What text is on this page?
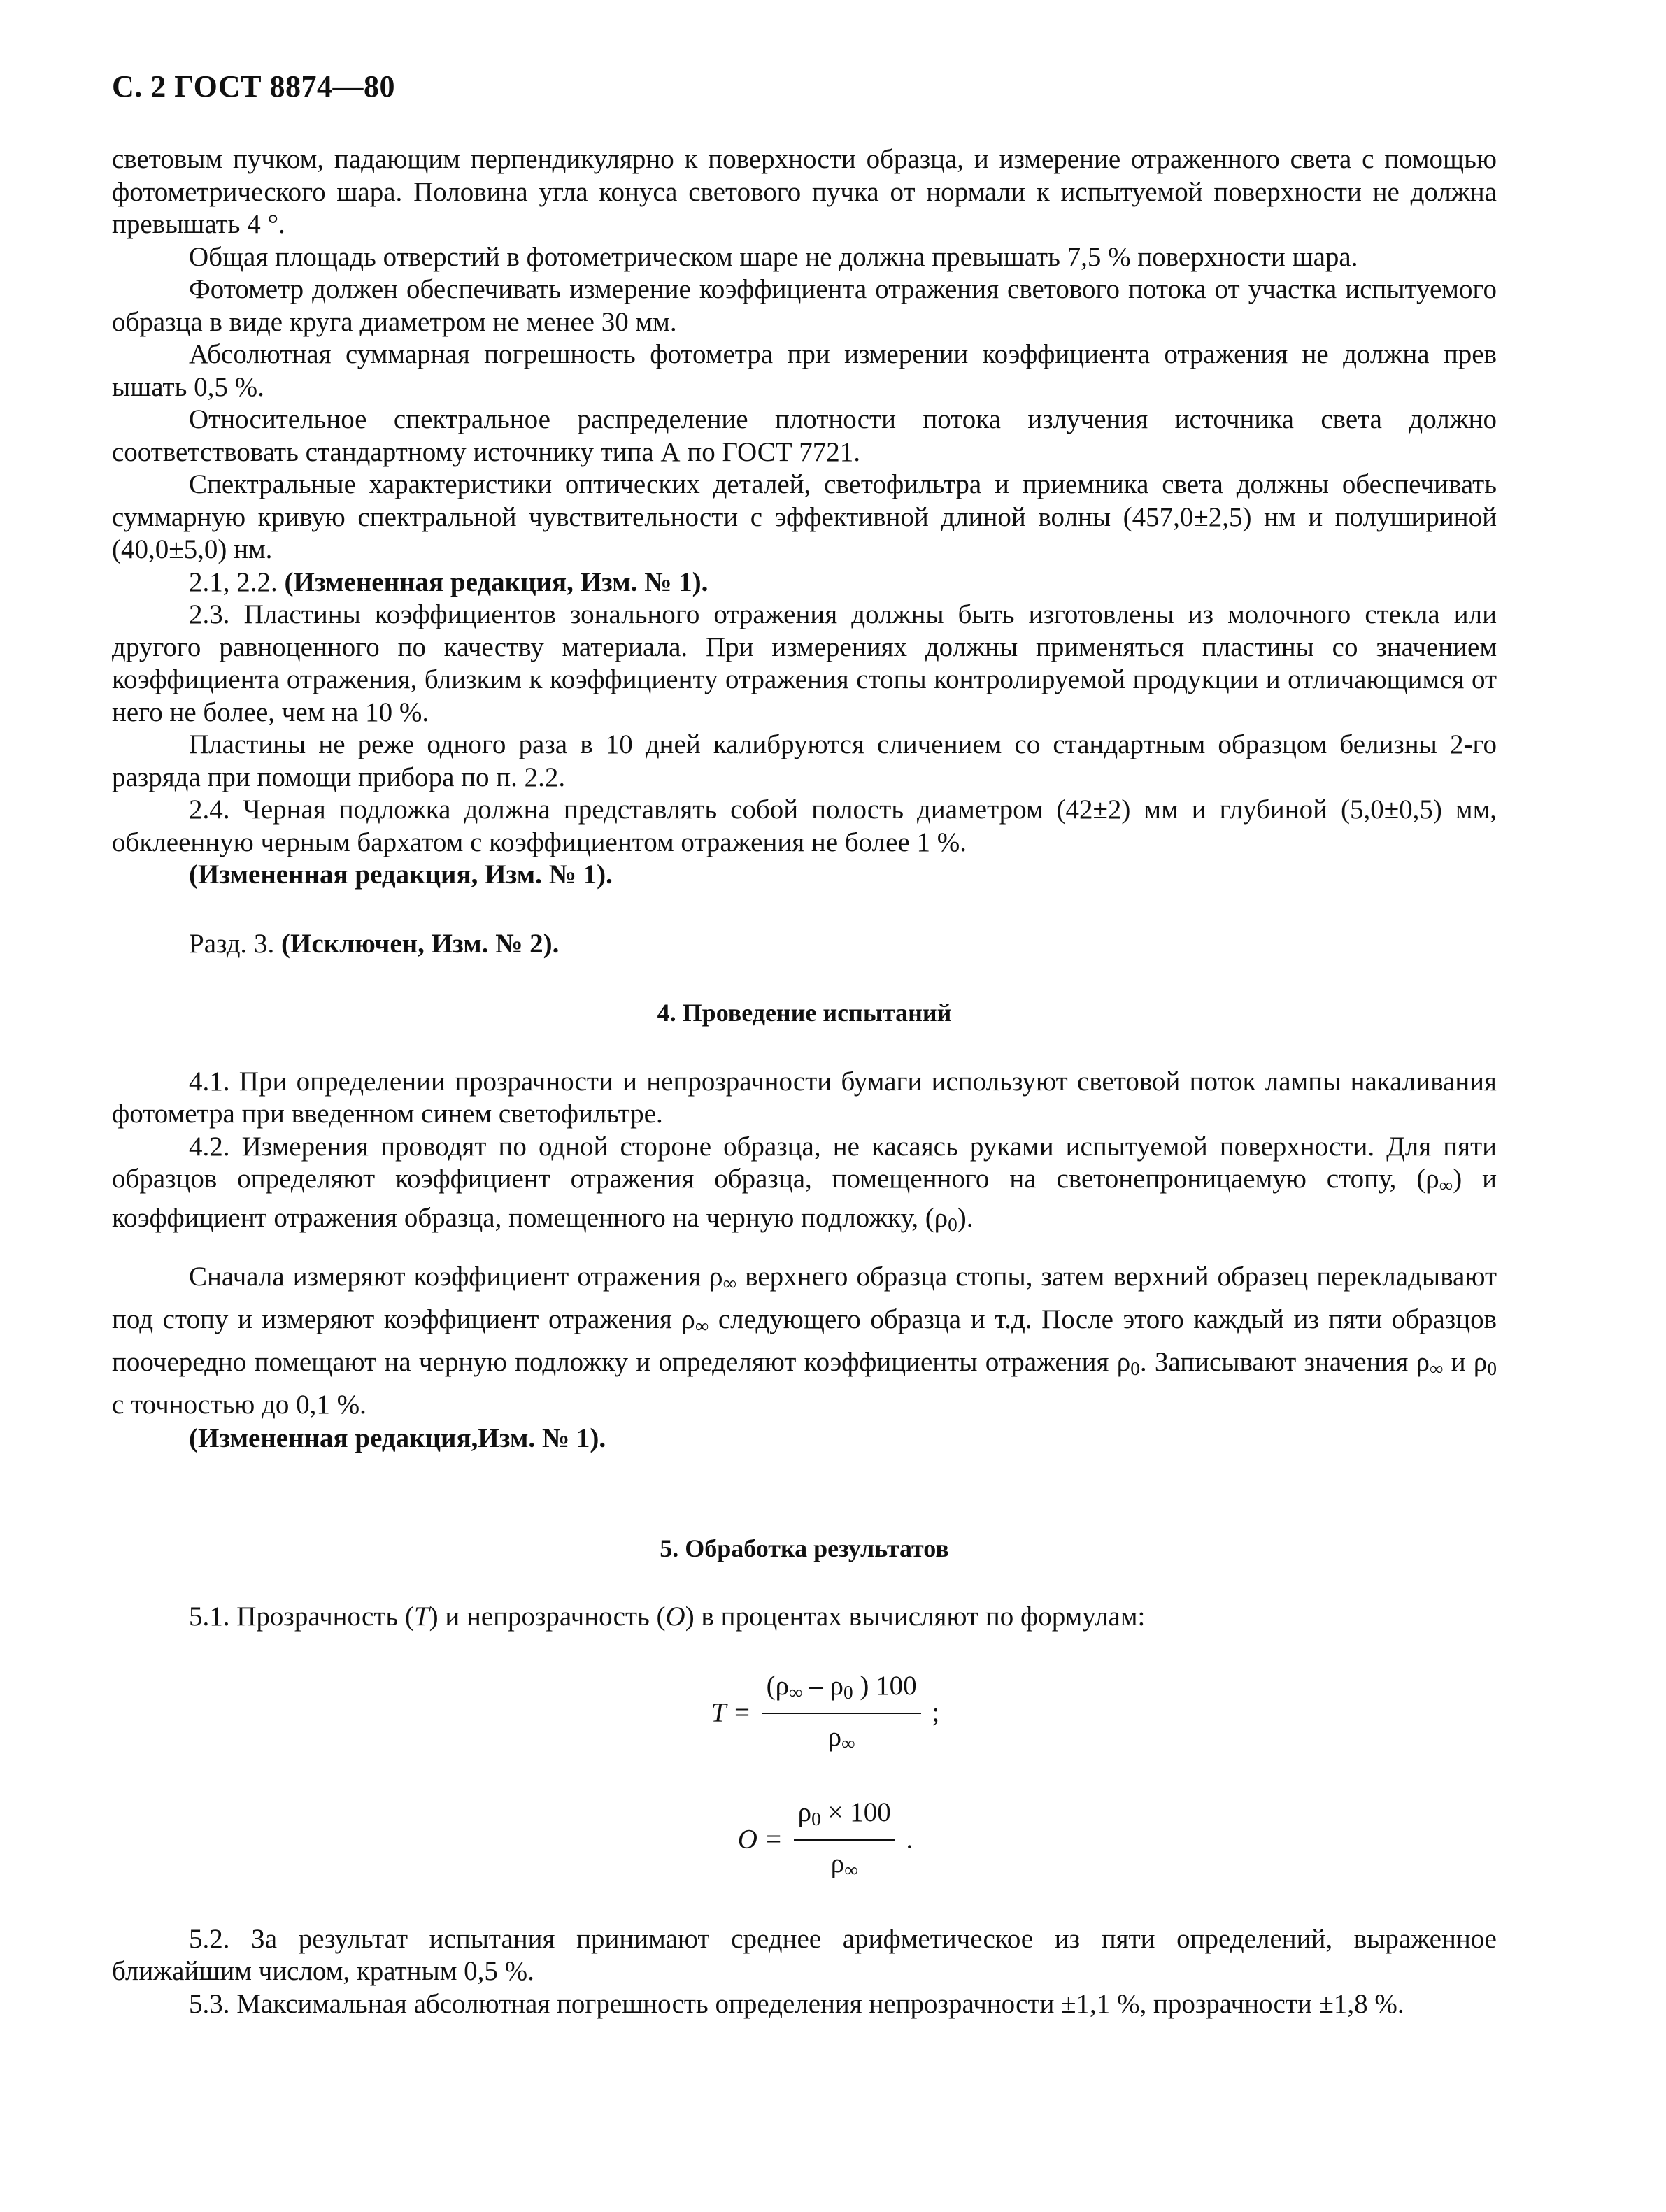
С. 2 ГОСТ 8874—80

световым пучком, падающим перпендикулярно к поверхности образца, и измерение отраженного света с помощью фотометрического шара. Половина угла конуса светового пучка от нормали к испытуемой поверхности не должна превышать 4 °.

Общая площадь отверстий в фотометрическом шаре не должна превышать 7,5 % поверхности шара.

Фотометр должен обеспечивать измерение коэффициента отражения светового потока от участка испытуемого образца в виде круга диаметром не менее 30 мм.

Абсолютная суммарная погрешность фотометра при измерении коэффициента отражения не должна прев ышать 0,5 %.

Относительное спектральное распределение плотности потока излучения источника света должно соответствовать стандартному источнику типа А по ГОСТ 7721.

Спектральные характеристики оптических деталей, светофильтра и приемника света должны обеспечивать суммарную кривую спектральной чувствительности с эффективной длиной волны (457,0±2,5) нм и полушириной (40,0±5,0) нм.

2.1, 2.2. (Измененная редакция, Изм. № 1).

2.3. Пластины коэффициентов зонального отражения должны быть изготовлены из молочного стекла или другого равноценного по качеству материала. При измерениях должны применяться пластины со значением коэффициента отражения, близким к коэффициенту отражения стопы контролируемой продукции и отличающимся от него не более, чем на 10 %.

Пластины не реже одного раза в 10 дней калибруются сличением со стандартным образцом белизны 2-го разряда при помощи прибора по п. 2.2.

2.4. Черная подложка должна представлять собой полость диаметром (42±2) мм и глубиной (5,0±0,5) мм, обклеенную черным бархатом с коэффициентом отражения не более 1 %.

(Измененная редакция, Изм. № 1).

Разд. 3. (Исключен, Изм. № 2).

4. Проведение испытаний

4.1. При определении прозрачности и непрозрачности бумаги используют световой поток лампы накаливания фотометра при введенном синем светофильтре.

4.2. Измерения проводят по одной стороне образца, не касаясь руками испытуемой поверхности. Для пяти образцов определяют коэффициент отражения образца, помещенного на светонепроницаемую стопу, $(\rho_\infty)$ и коэффициент отражения образца, помещенного на черную подложку, $(\rho_0)$.

Сначала измеряют коэффициент отражения $\rho_\infty$ верхнего образца стопы, затем верхний образец перекладывают под стопу и измеряют коэффициент отражения $\rho_\infty$ следующего образца и т.д. После этого каждый из пяти образцов поочередно помещают на черную подложку и определяют коэффициенты отражения $\rho_0$. Записывают значения $\rho_\infty$ и $\rho_0$ с точностью до 0,1 %.

(Измененная редакция,Изм. № 1).

5. Обработка результатов

5.1. Прозрачность (T) и непрозрачность (O) в процентах вычисляют по формулам:

$T = \frac{(\rho_\infty - \rho_0 ) 100}{\rho_\infty}$ ;
$O = \frac{\rho_0 \times 100}{\rho_\infty}$ .

5.2. За результат испытания принимают среднее арифметическое из пяти определений, выраженное ближайшим числом, кратным 0,5 %.

5.3. Максимальная абсолютная погрешность определения непрозрачности ±1,1 %, прозрачности ±1,8 %.
